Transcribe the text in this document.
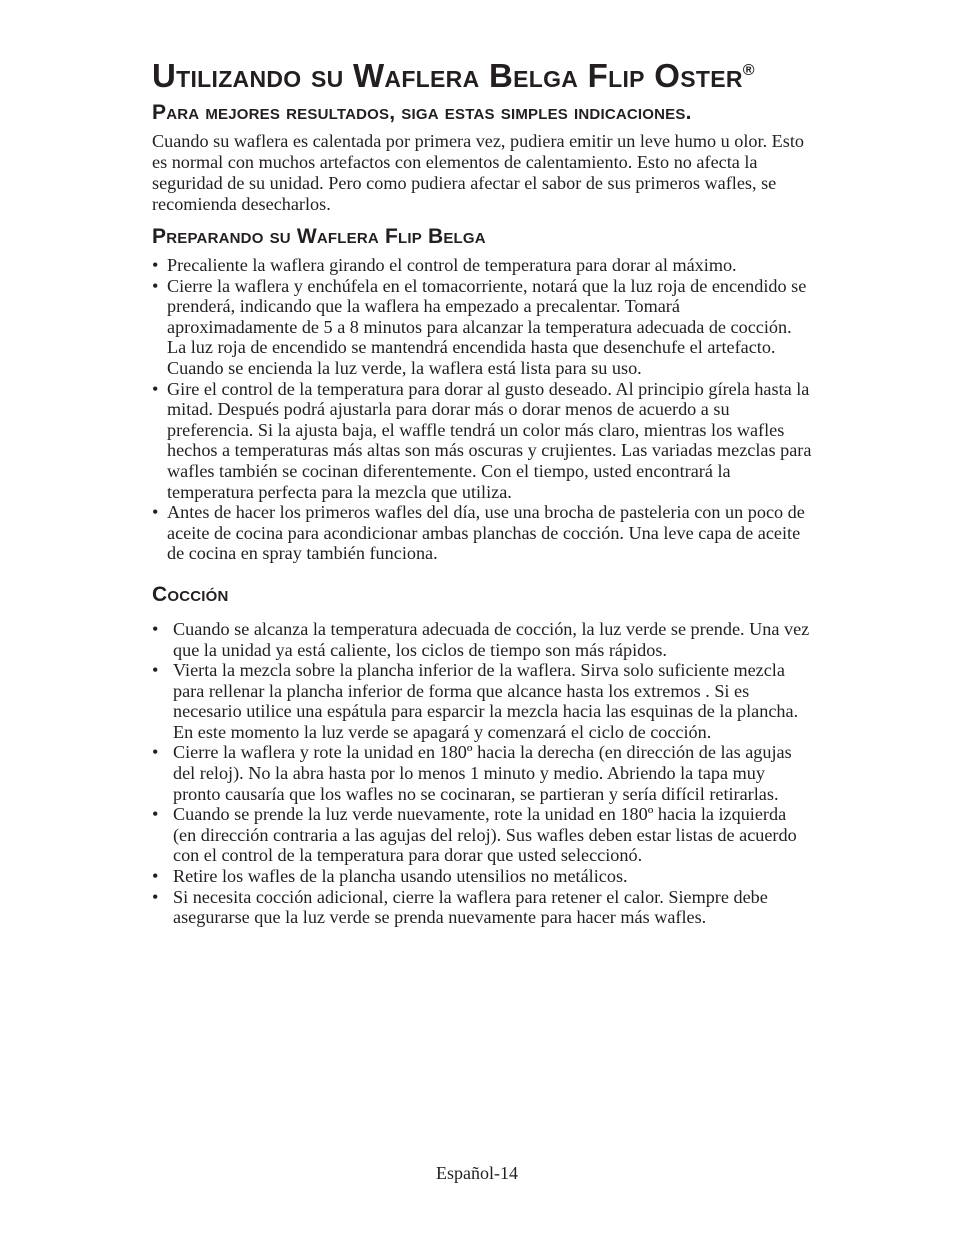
Utilizando su Waflera Belga Flip Oster®
Para mejores resultados, siga estas simples indicaciones.

Cuando su waflera es calentada por primera vez, pudiera emitir un leve humo u olor. Esto es normal con muchos artefactos con elementos de calentamiento. Esto no afecta la seguridad de su unidad. Pero como pudiera afectar el sabor de sus primeros wafles, se recomienda desecharlos.

Preparando su Waflera Flip Belga
• Precaliente la waflera girando el control de temperatura para dorar al máximo.
• Cierre la waflera y enchúfela en el tomacorriente, notará que la luz roja de encendido se prenderá, indicando que la waflera ha empezado a precalentar. Tomará aproximadamente de 5 a 8 minutos para alcanzar la temperatura adecuada de cocción. La luz roja de encendido se mantendrá encendida hasta que desenchufe el artefacto. Cuando se encienda la luz verde, la waflera está lista para su uso.
• Gire el control de la temperatura para dorar al gusto deseado. Al principio gírela hasta la mitad. Después podrá ajustarla para dorar más o dorar menos de acuerdo a su preferencia. Si la ajusta baja, el waffle tendrá un color más claro, mientras los wafles hechos a temperaturas más altas son más oscuras y crujientes. Las variadas mezclas para wafles también se cocinan diferentemente. Con el tiempo, usted encontrará la temperatura perfecta para la mezcla que utiliza.
• Antes de hacer los primeros wafles del día, use una brocha de pasteleria con un poco de aceite de cocina para acondicionar ambas planchas de cocción. Una leve capa de aceite de cocina en spray también funciona.
Cocción
• Cuando se alcanza la temperatura adecuada de cocción, la luz verde se prende. Una vez que la unidad ya está caliente, los ciclos de tiempo son más rápidos.
• Vierta la mezcla sobre la plancha inferior de la waflera. Sirva solo suficiente mezcla para rellenar la plancha inferior de forma que alcance hasta los extremos . Si es necesario utilice una espátula para esparcir la mezcla hacia las esquinas de la plancha. En este momento la luz verde se apagará y comenzará el ciclo de cocción.
• Cierre la waflera y rote la unidad en 180º hacia la derecha (en dirección de las agujas del reloj). No la abra hasta por lo menos 1 minuto y medio. Abriendo la tapa muy pronto causaría que los wafles no se cocinaran, se partieran y sería difícil retirarlas.
• Cuando se prende la luz verde nuevamente, rote la unidad en 180º hacia la izquierda (en dirección contraria a las agujas del reloj). Sus wafles deben estar listas de acuerdo con el control de la temperatura para dorar que usted seleccionó.
• Retire los wafles de la plancha usando utensilios no metálicos.
• Si necesita cocción adicional, cierre la waflera para retener el calor. Siempre debe asegurarse que la luz verde se prenda nuevamente para hacer más wafles.
Español-14
